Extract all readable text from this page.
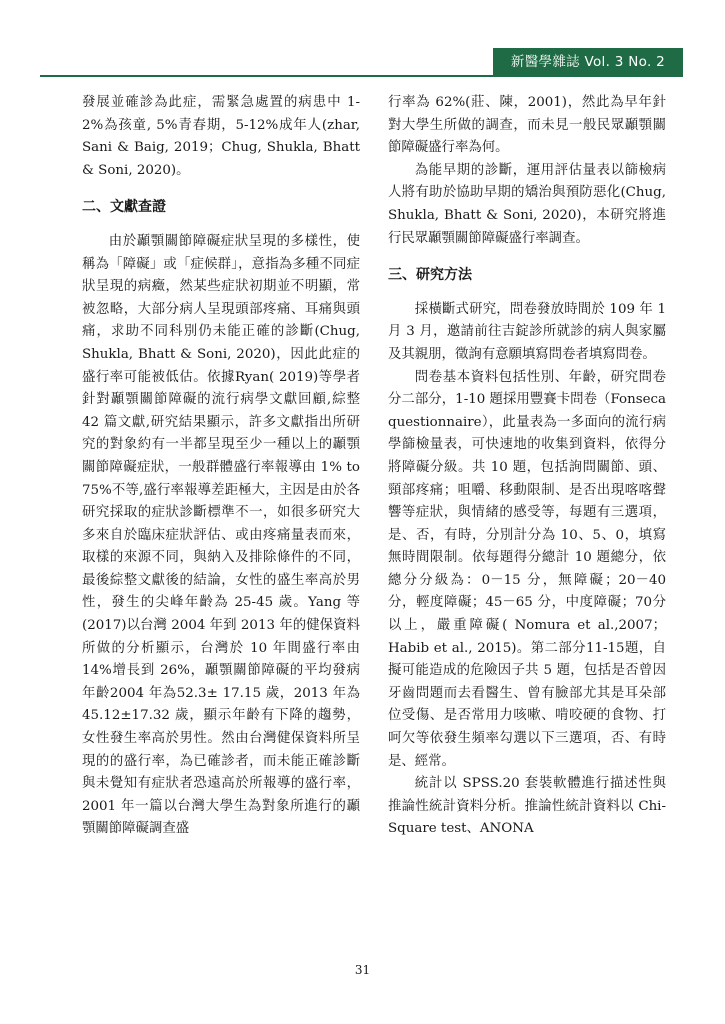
新醫學雜誌 Vol. 3 No. 2

發展並確診為此症，需緊急處置的病患中 1-2%為孩童, 5%青春期，5-12%成年人(zhar, Sani & Baig, 2019；Chug, Shukla, Bhatt & Soni, 2020)。

二、文獻查證

由於顳顎關節障礙症狀呈現的多樣性，使稱為「障礙」或「症候群」，意指為多種不同症狀呈現的病癥，然某些症狀初期並不明顯，常被忽略，大部分病人呈現頭部疼痛、耳痛與頭痛，求助不同科別仍未能正確的診斷(Chug, Shukla, Bhatt & Soni, 2020)，因此此症的盛行率可能被低估。依據Ryan( 2019)等學者針對顳顎關節障礙的流行病學文獻回顧,綜整 42 篇文獻,研究結果顯示，許多文獻指出所研究的對象約有一半都呈現至少一種以上的顳顎關節障礙症狀，一般群體盛行率報導由 1% to 75%不等,盛行率報導差距極大，主因是由於各研究採取的症狀診斷標準不一，如很多研究大多來自於臨床症狀評估、或由疼痛量表而來，取樣的來源不同，與納入及排除條件的不同，最後綜整文獻後的結論，女性的盛生率高於男性，發生的尖峰年齡為 25-45 歲。Yang 等(2017)以台灣 2004 年到 2013 年的健保資料所做的分析顯示，台灣於 10 年間盛行率由 14%增長到 26%，顳顎關節障礙的平均發病年齡2004 年為52.3± 17.15 歲，2013 年為 45.12±17.32 歲，顯示年齡有下降的趨勢，女性發生率高於男性。然由台灣健保資料所呈現的的盛行率，為已確診者，而未能正確診斷與未覺知有症狀者恐遠高於所報導的盛行率，2001 年一篇以台灣大學生為對象所進行的顳顎關節障礙調查盛

行率為 62%(莊、陳，2001)，然此為早年針對大學生所做的調查，而未見一般民眾顳顎關節障礙盛行率為何。

為能早期的診斷，運用評估量表以篩檢病人將有助於協助早期的矯治與預防惡化(Chug, Shukla, Bhatt & Soni, 2020)，本研究將進行民眾顳顎關節障礙盛行率調查。

三、研究方法

採橫斷式研究，問卷發放時間於 109 年 1 月 3 月，邀請前往吉錠診所就診的病人與家屬及其親朋，徵詢有意願填寫問卷者填寫問卷。

問卷基本資料包括性別、年齡，研究問卷分二部分，1-10 題採用豐賽卡問卷（Fonseca questionnaire），此量表為一多面向的流行病學篩檢量表，可快速地的收集到資料，依得分將障礙分級。共 10 題，包括詢問關節、頭、頸部疼痛；咀嚼、移動限制、是否出現喀喀聲響等症狀，與情緒的感受等，每題有三選項，是、否，有時，分別計分為 10、5、0，填寫無時間限制。依每題得分總計 10 題總分，依總分分級為：0－15 分，無障礙；20－40 分，輕度障礙；45－65 分，中度障礙；70分以上，嚴重障礙( Nomura et al.,2007；Habib et al., 2015)。第二部分11-15題，自擬可能造成的危險因子共 5 題，包括是否曾因牙齒問題而去看醫生、曾有臉部尤其是耳朵部位受傷、是否常用力咳嗽、啃咬硬的食物、打呵欠等依發生頻率勾選以下三選項，否、有時是、經常。

統計以 SPSS.20 套裝軟體進行描述性與推論性統計資料分析。推論性統計資料以 Chi-Square test、ANONA

31
